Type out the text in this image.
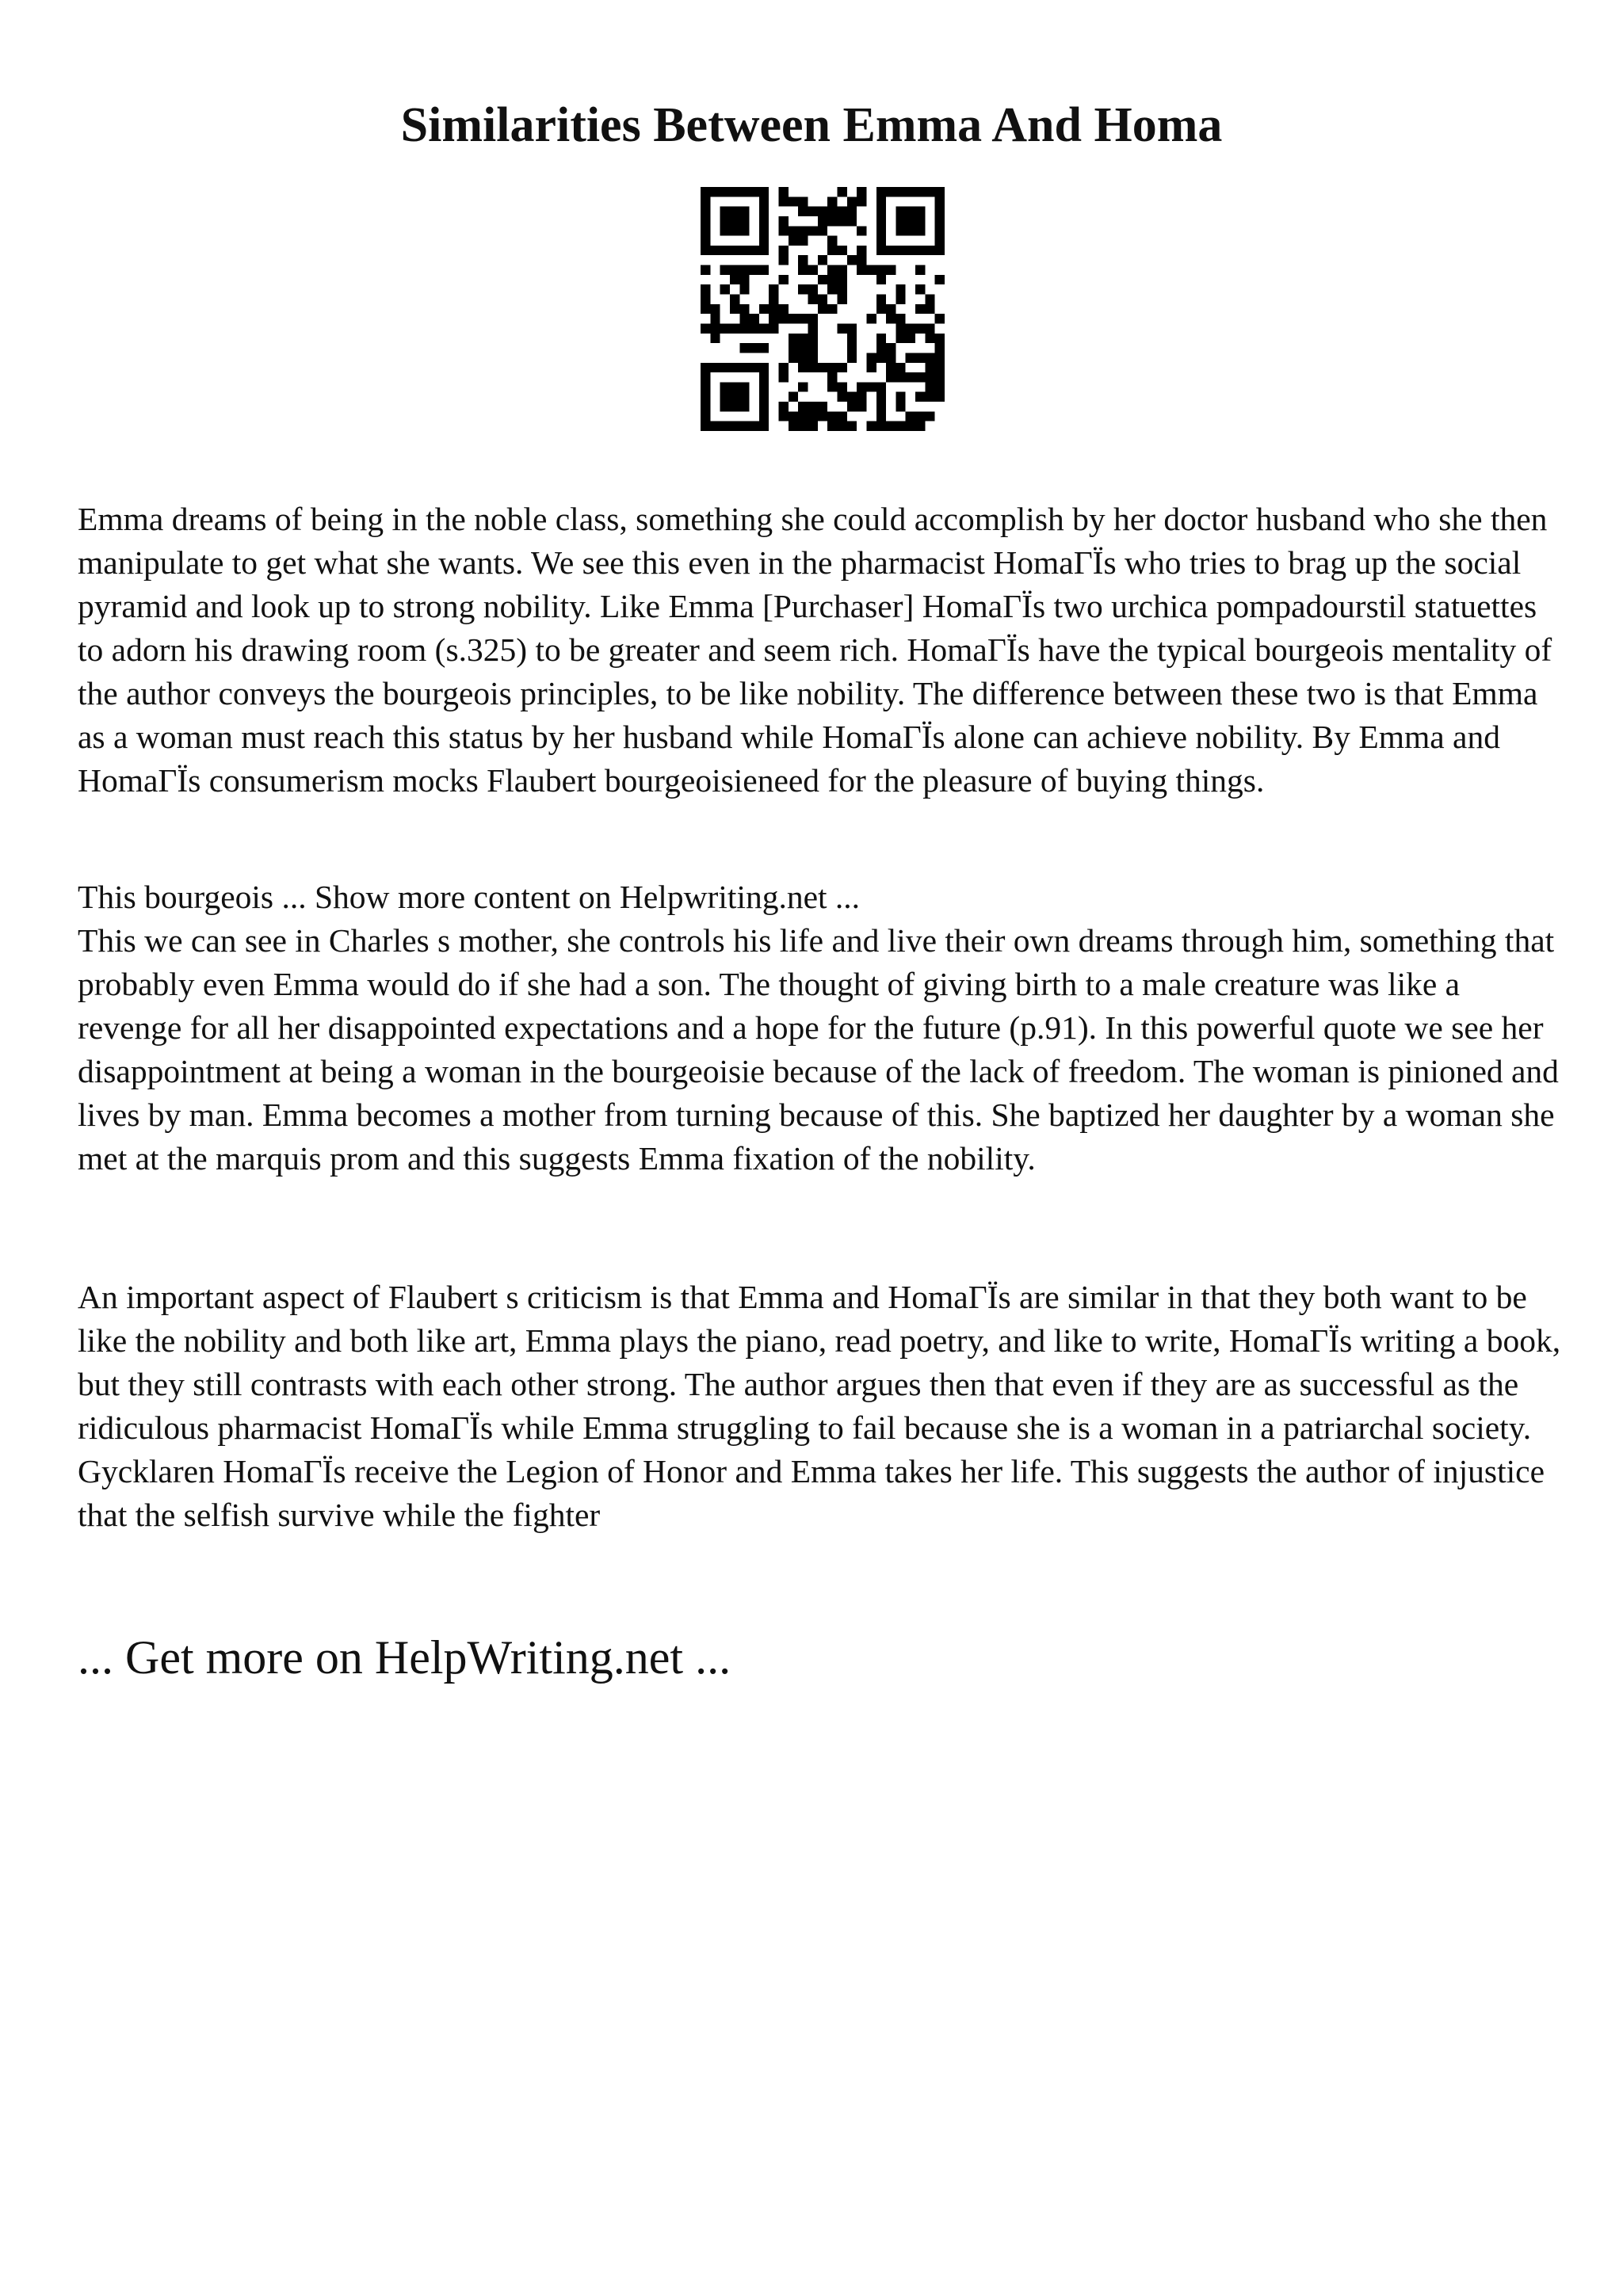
Similarities Between Emma And Homa

Emma dreams of being in the noble class, something she could accomplish by her doctor husband who she then manipulate to get what she wants. We see this even in the pharmacist HomaΓЇs who tries to brag up the social pyramid and look up to strong nobility. Like Emma [Purchaser] HomaΓЇs two urchica pompadourstil statuettes to adorn his drawing room (s.325) to be greater and seem rich. HomaΓЇs have the typical bourgeois mentality of the author conveys the bourgeois principles, to be like nobility. The difference between these two is that Emma as a woman must reach this status by her husband while HomaΓЇs alone can achieve nobility. By Emma and HomaΓЇs consumerism mocks Flaubert bourgeoisieneed for the pleasure of buying things.

This bourgeois ... Show more content on Helpwriting.net ...
This we can see in Charles s mother, she controls his life and live their own dreams through him, something that probably even Emma would do if she had a son. The thought of giving birth to a male creature was like a revenge for all her disappointed expectations and a hope for the future (p.91). In this powerful quote we see her disappointment at being a woman in the bourgeoisie because of the lack of freedom. The woman is pinioned and lives by man. Emma becomes a mother from turning because of this. She baptized her daughter by a woman she met at the marquis prom and this suggests Emma fixation of the nobility.

An important aspect of Flaubert s criticism is that Emma and HomaΓЇs are similar in that they both want to be like the nobility and both like art, Emma plays the piano, read poetry, and like to write, HomaΓЇs writing a book, but they still contrasts with each other strong. The author argues then that even if they are as successful as the ridiculous pharmacist HomaΓЇs while Emma struggling to fail because she is a woman in a patriarchal society. Gycklaren HomaΓЇs receive the Legion of Honor and Emma takes her life. This suggests the author of injustice that the selfish survive while the fighter

... Get more on HelpWriting.net ...
